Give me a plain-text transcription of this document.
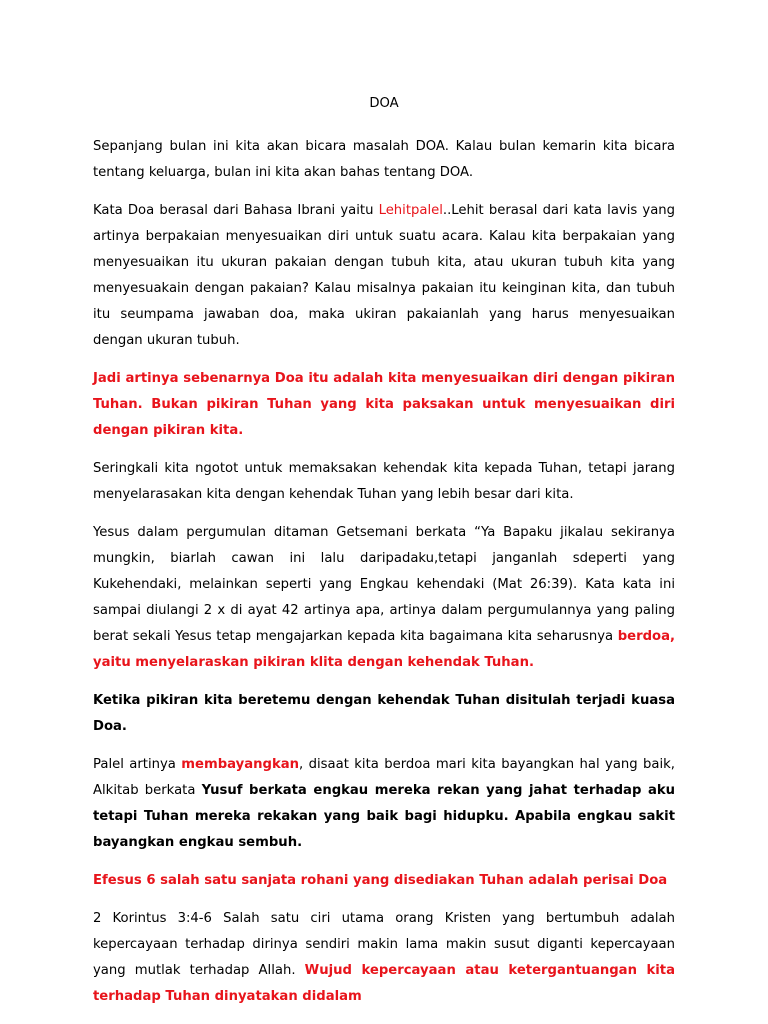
DOA

Sepanjang bulan ini kita akan bicara masalah DOA. Kalau bulan kemarin kita bicara tentang keluarga, bulan ini kita akan bahas tentang DOA.

Kata Doa berasal dari Bahasa Ibrani yaitu Lehitpalel..Lehit berasal dari kata lavis yang artinya berpakaian menyesuaikan diri untuk suatu acara. Kalau kita berpakaian yang menyesuaikan itu ukuran pakaian dengan tubuh kita, atau ukuran tubuh kita yang menyesuakain dengan pakaian? Kalau misalnya pakaian itu keinginan kita, dan tubuh itu seumpama jawaban doa, maka ukiran pakaianlah yang harus menyesuaikan dengan ukuran tubuh.

Jadi artinya sebenarnya Doa itu adalah kita menyesuaikan diri dengan pikiran Tuhan. Bukan pikiran Tuhan yang kita paksakan untuk menyesuaikan diri dengan pikiran kita.

Seringkali kita ngotot untuk memaksakan kehendak kita kepada Tuhan, tetapi jarang menyelarasakan kita dengan kehendak Tuhan yang lebih besar dari kita.

Yesus dalam pergumulan ditaman Getsemani berkata “Ya Bapaku jikalau sekiranya mungkin, biarlah cawan ini lalu daripadaku,tetapi janganlah sdeperti yang Kukehendaki, melainkan seperti yang Engkau kehendaki (Mat 26:39). Kata kata ini sampai diulangi 2 x di ayat 42 artinya apa, artinya dalam pergumulannya yang paling berat sekali Yesus tetap mengajarkan kepada kita bagaimana kita seharusnya berdoa, yaitu menyelaraskan pikiran klita dengan kehendak Tuhan.

Ketika pikiran kita beretemu dengan kehendak Tuhan disitulah terjadi kuasa Doa.

Palel artinya membayangkan, disaat kita berdoa mari kita bayangkan hal yang baik, Alkitab berkata Yusuf berkata engkau mereka rekan yang jahat terhadap aku tetapi Tuhan mereka rekakan yang baik bagi hidupku. Apabila engkau sakit bayangkan engkau sembuh.

Efesus 6 salah satu sanjata rohani yang disediakan Tuhan adalah perisai Doa

2 Korintus 3:4-6 Salah satu ciri utama orang Kristen yang bertumbuh adalah kepercayaan terhadap dirinya sendiri makin lama makin susut diganti kepercayaan yang mutlak terhadap Allah. Wujud kepercayaan atau ketergantuangan kita terhadap Tuhan dinyatakan didalam
